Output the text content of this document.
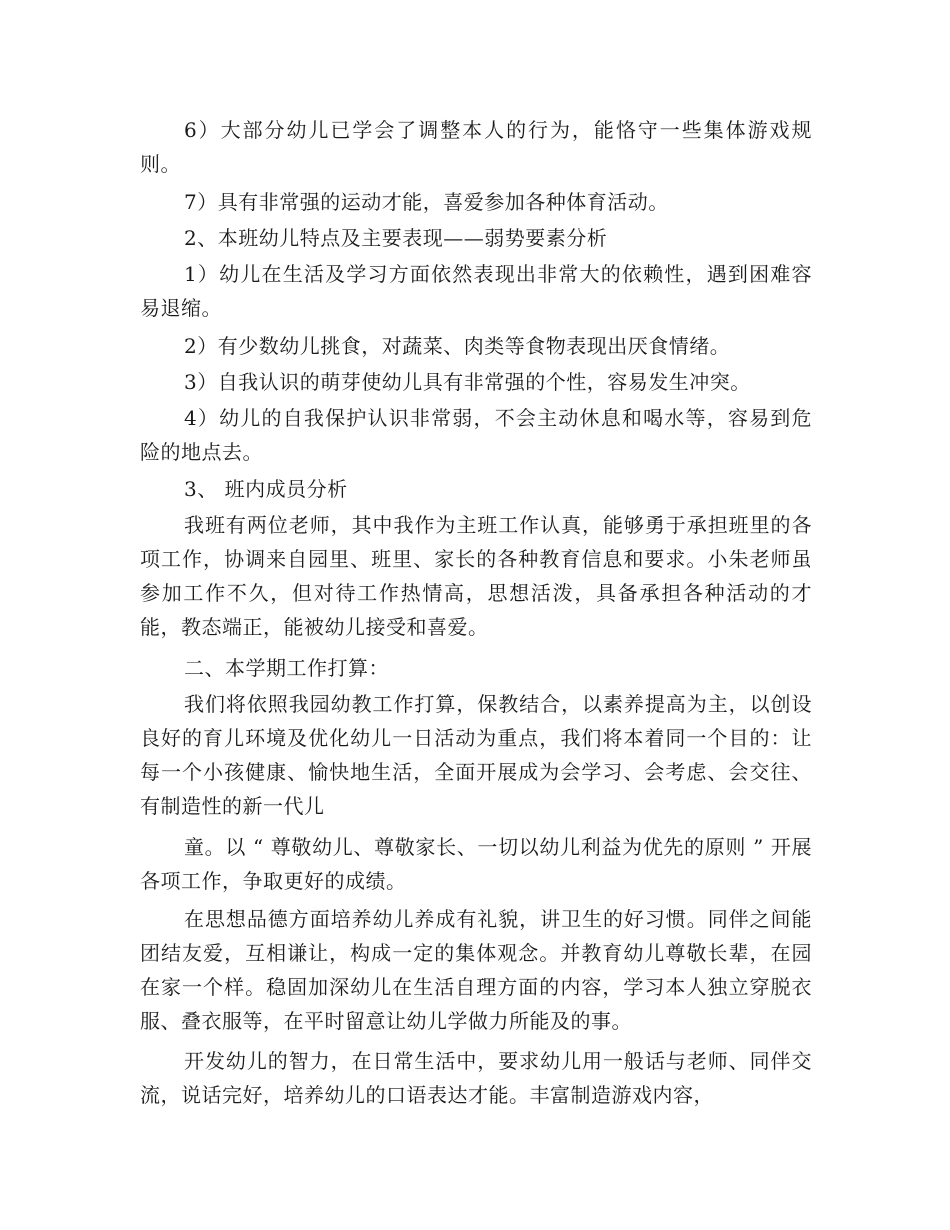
6）大部分幼儿已学会了调整本人的行为，能恪守一些集体游戏规则。

7）具有非常强的运动才能，喜爱参加各种体育活动。

2、本班幼儿特点及主要表现——弱势要素分析

1）幼儿在生活及学习方面依然表现出非常大的依赖性，遇到困难容易退缩。

2）有少数幼儿挑食，对蔬菜、肉类等食物表现出厌食情绪。

3）自我认识的萌芽使幼儿具有非常强的个性，容易发生冲突。

4）幼儿的自我保护认识非常弱，不会主动休息和喝水等，容易到危险的地点去。

3、 班内成员分析

我班有两位老师，其中我作为主班工作认真，能够勇于承担班里的各项工作，协调来自园里、班里、家长的各种教育信息和要求。小朱老师虽参加工作不久，但对待工作热情高，思想活泼，具备承担各种活动的才能，教态端正，能被幼儿接受和喜爱。

二、本学期工作打算：

我们将依照我园幼教工作打算，保教结合，以素养提高为主，以创设良好的育儿环境及优化幼儿一日活动为重点，我们将本着同一个目的：让每一个小孩健康、愉快地生活，全面开展成为会学习、会考虑、会交往、有制造性的新一代儿

童。以 “ 尊敬幼儿、尊敬家长、一切以幼儿利益为优先的原则 ” 开展各项工作，争取更好的成绩。

在思想品德方面培养幼儿养成有礼貌，讲卫生的好习惯。同伴之间能团结友爱，互相谦让，构成一定的集体观念。并教育幼儿尊敬长辈，在园在家一个样。稳固加深幼儿在生活自理方面的内容，学习本人独立穿脱衣服、叠衣服等，在平时留意让幼儿学做力所能及的事。

开发幼儿的智力，在日常生活中，要求幼儿用一般话与老师、同伴交流，说话完好，培养幼儿的口语表达才能。丰富制造游戏内容，
